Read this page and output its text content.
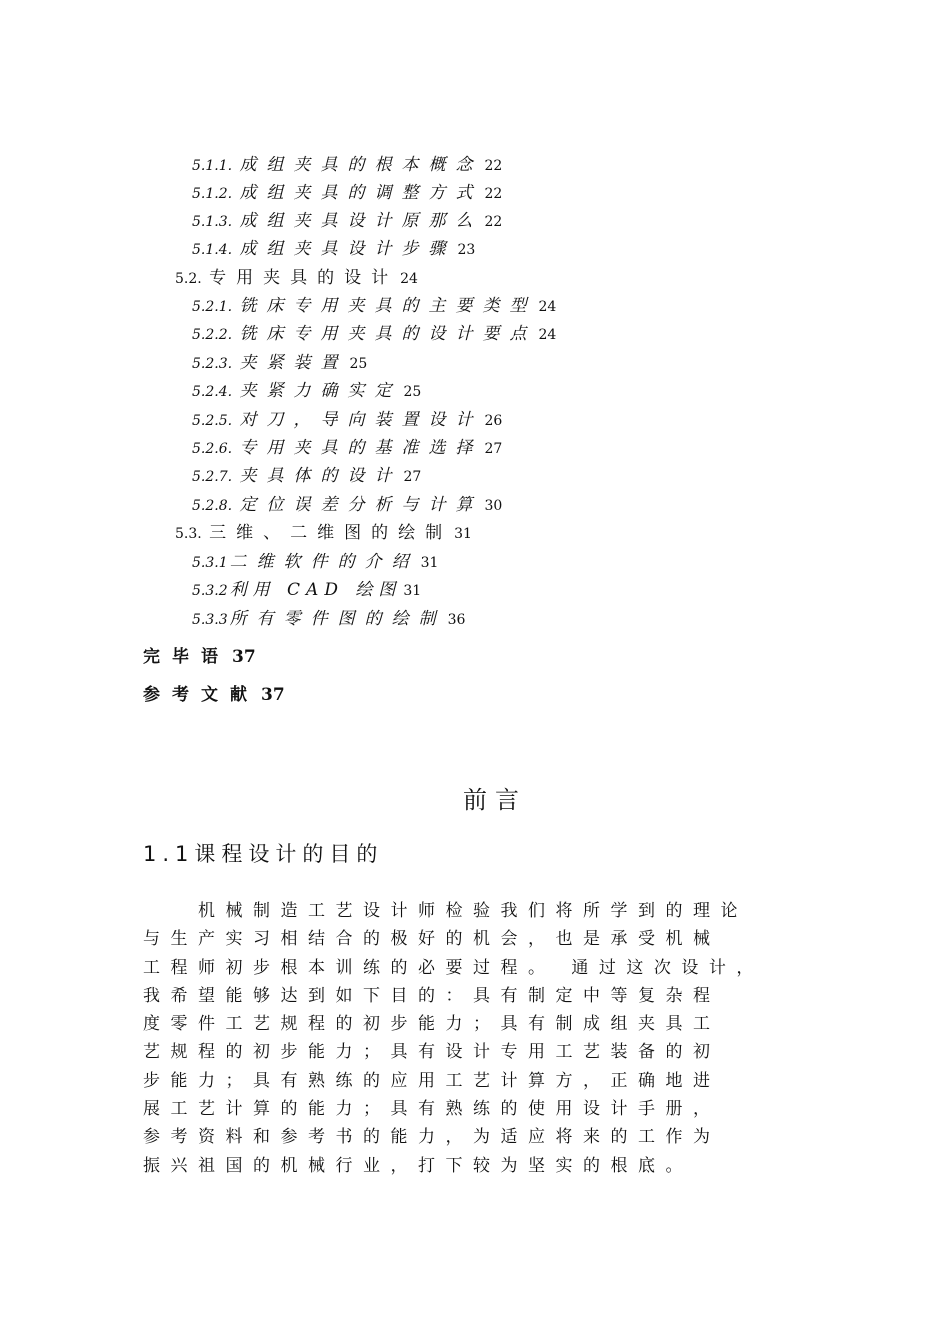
5.1.1. 成组夹具的根本概念 22
5.1.2. 成组夹具的调整方式 22
5.1.3. 成组夹具设计原那么 22
5.1.4. 成组夹具设计步骤 23
5.2. 专用夹具的设计 24
5.2.1. 铣床专用夹具的主要类型 24
5.2.2. 铣床专用夹具的设计要点 24
5.2.3. 夹紧装置 25
5.2.4. 夹紧力确实定 25
5.2.5. 对刀，导向装置设计 26
5.2.6. 专用夹具的基准选择 27
5.2.7. 夹具体的设计 27
5.2.8. 定位误差分析与计算 30
5.3. 三维、二维图的绘制 31
5.3.1 二维软件的介绍 31
5.3.2 利用 CAD 绘图 31
5.3.3 所有零件图的绘制 36
完毕语 37
参考文献 37
前言
1.1课程设计的目的
　　机械制造工艺设计师检验我们将所学到的理论
与生产实习相结合的极好的机会，也是承受机械
工程师初步根本训练的必要过程。 通过这次设计，
我希望能够达到如下目的：具有制定中等复杂程
度零件工艺规程的初步能力；具有制成组夹具工
艺规程的初步能力；具有设计专用工艺装备的初
步能力；具有熟练的应用工艺计算方，正确地进
展工艺计算的能力；具有熟练的使用设计手册，
参考资料和参考书的能力，为适应将来的工作为
振兴祖国的机械行业，打下较为坚实的根底。
